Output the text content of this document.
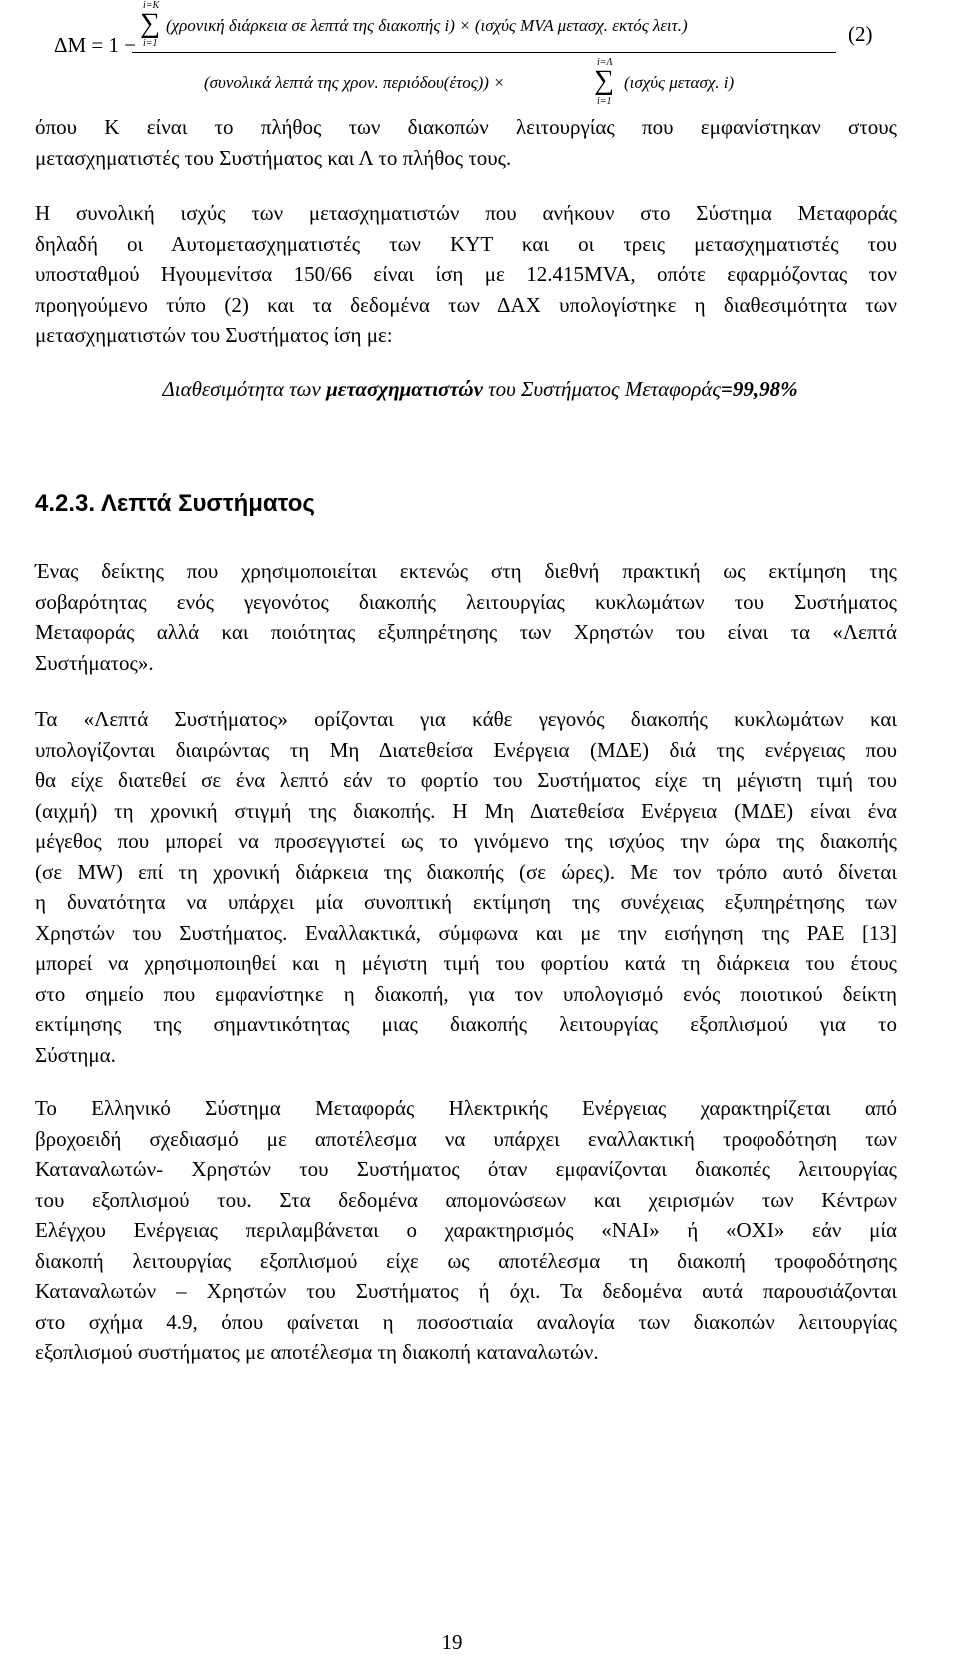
ΔΜ = 1 −
i=K
∑
i=1
(χρονική διάρκεια σε λεπτά της διακοπής i) × (ισχύς MVA μετασχ. εκτός λειτ.)
(συνολικά λεπτά της χρον. περιόδου(έτος)) ×
i=Λ
∑
i=1
(ισχύς μετασχ. i)
(2)

όπου Κ είναι το πλήθος των διακοπών λειτουργίας που εμφανίστηκαν στους
μετασχηματιστές του Συστήματος και Λ το πλήθος τους.

Η συνολική ισχύς των μετασχηματιστών που ανήκουν στο Σύστημα Μεταφοράς
δηλαδή οι Αυτομετασχηματιστές των ΚΥΤ και οι τρεις μετασχηματιστές του
υποσταθμού Ηγουμενίτσα 150/66 είναι ίση με 12.415MVA, οπότε εφαρμόζοντας τον
προηγούμενο τύπο (2) και τα δεδομένα των ΔΑΧ υπολογίστηκε η διαθεσιμότητα των
μετασχηματιστών του Συστήματος ίση με:

Διαθεσιμότητα των μετασχηματιστών του Συστήματος Μεταφοράς=99,98%
4.2.3. Λεπτά Συστήματος

Ένας δείκτης που χρησιμοποιείται εκτενώς στη διεθνή πρακτική ως εκτίμηση της
σοβαρότητας ενός γεγονότος διακοπής λειτουργίας κυκλωμάτων του Συστήματος
Μεταφοράς αλλά και ποιότητας εξυπηρέτησης των Χρηστών του είναι τα «Λεπτά
Συστήματος».

Τα «Λεπτά Συστήματος» ορίζονται για κάθε γεγονός διακοπής κυκλωμάτων και
υπολογίζονται διαιρώντας τη Μη Διατεθείσα Ενέργεια (ΜΔΕ) διά της ενέργειας που
θα είχε διατεθεί σε ένα λεπτό εάν το φορτίο του Συστήματος είχε τη μέγιστη τιμή του
(αιχμή) τη χρονική στιγμή της διακοπής. Η Μη Διατεθείσα Ενέργεια (ΜΔΕ) είναι ένα
μέγεθος που μπορεί να προσεγγιστεί ως το γινόμενο της ισχύος την ώρα της διακοπής
(σε MW) επί τη χρονική διάρκεια της διακοπής (σε ώρες). Με τον τρόπο αυτό δίνεται
η δυνατότητα να υπάρχει μία συνοπτική εκτίμηση της συνέχειας εξυπηρέτησης των
Χρηστών του Συστήματος. Εναλλακτικά, σύμφωνα και με την εισήγηση της ΡΑΕ [13]
μπορεί να χρησιμοποιηθεί και η μέγιστη τιμή του φορτίου κατά τη διάρκεια του έτους
στο σημείο που εμφανίστηκε η διακοπή, για τον υπολογισμό ενός ποιοτικού δείκτη
εκτίμησης της σημαντικότητας μιας διακοπής λειτουργίας εξοπλισμού για το
Σύστημα.

Το Ελληνικό Σύστημα Μεταφοράς Ηλεκτρικής Ενέργειας χαρακτηρίζεται από
βροχοειδή σχεδιασμό με αποτέλεσμα να υπάρχει εναλλακτική τροφοδότηση των
Καταναλωτών- Χρηστών του Συστήματος όταν εμφανίζονται διακοπές λειτουργίας
του εξοπλισμού του. Στα δεδομένα απομονώσεων και χειρισμών των Κέντρων
Ελέγχου Ενέργειας περιλαμβάνεται ο χαρακτηρισμός «ΝΑΙ» ή «ΟΧΙ» εάν μία
διακοπή λειτουργίας εξοπλισμού είχε ως αποτέλεσμα τη διακοπή τροφοδότησης
Καταναλωτών – Χρηστών του Συστήματος ή όχι. Τα δεδομένα αυτά παρουσιάζονται
στο σχήμα 4.9, όπου φαίνεται η ποσοστιαία αναλογία των διακοπών λειτουργίας
εξοπλισμού συστήματος με αποτέλεσμα τη διακοπή καταναλωτών.

19
